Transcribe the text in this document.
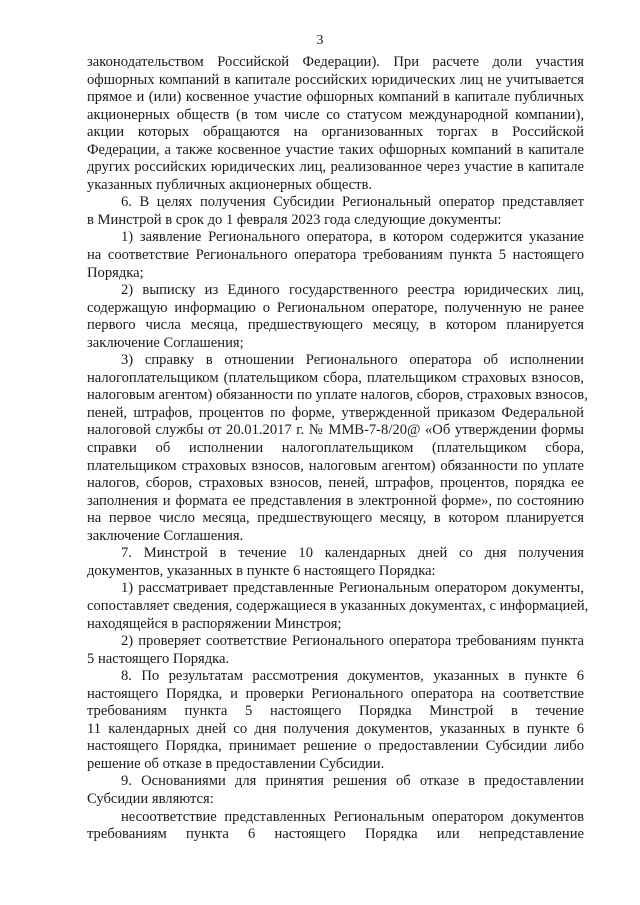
3
законодательством Российской Федерации). При расчете доли участия
офшорных компаний в капитале российских юридических лиц не учитывается
прямое и (или) косвенное участие офшорных компаний в капитале публичных
акционерных обществ (в том числе со статусом международной компании),
акции которых обращаются на организованных торгах в Российской
Федерации, а также косвенное участие таких офшорных компаний в капитале
других российских юридических лиц, реализованное через участие в капитале
указанных публичных акционерных обществ.
6. В целях получения Субсидии Региональный оператор представляет
в Минстрой в срок до 1 февраля 2023 года следующие документы:
1) заявление Регионального оператора, в котором содержится указание
на соответствие Регионального оператора требованиям пункта 5 настоящего
Порядка;
2) выписку из Единого государственного реестра юридических лиц,
содержащую информацию о Региональном операторе, полученную не ранее
первого числа месяца, предшествующего месяцу, в котором планируется
заключение Соглашения;
3) справку в отношении Регионального оператора об исполнении
налогоплательщиком (плательщиком сбора, плательщиком страховых взносов,
налоговым агентом) обязанности по уплате налогов, сборов, страховых взносов,
пеней, штрафов, процентов по форме, утвержденной приказом Федеральной
налоговой службы от 20.01.2017 г. № ММВ-7-8/20@ «Об утверждении формы
справки об исполнении налогоплательщиком (плательщиком сбора,
плательщиком страховых взносов, налоговым агентом) обязанности по уплате
налогов, сборов, страховых взносов, пеней, штрафов, процентов, порядка ее
заполнения и формата ее представления в электронной форме», по состоянию
на первое число месяца, предшествующего месяцу, в котором планируется
заключение Соглашения.
7. Минстрой в течение 10 календарных дней со дня получения
документов, указанных в пункте 6 настоящего Порядка:
1) рассматривает представленные Региональным оператором документы,
сопоставляет сведения, содержащиеся в указанных документах, с информацией,
находящейся в распоряжении Минстроя;
2) проверяет соответствие Регионального оператора требованиям пункта
5 настоящего Порядка.
8. По результатам рассмотрения документов, указанных в пункте 6
настоящего Порядка, и проверки Регионального оператора на соответствие
требованиям пункта 5 настоящего Порядка Минстрой в течение
11 календарных дней со дня получения документов, указанных в пункте 6
настоящего Порядка, принимает решение о предоставлении Субсидии либо
решение об отказе в предоставлении Субсидии.
9. Основаниями для принятия решения об отказе в предоставлении
Субсидии являются:
несоответствие представленных Региональным оператором документов
требованиям пункта 6 настоящего Порядка или непредставление
